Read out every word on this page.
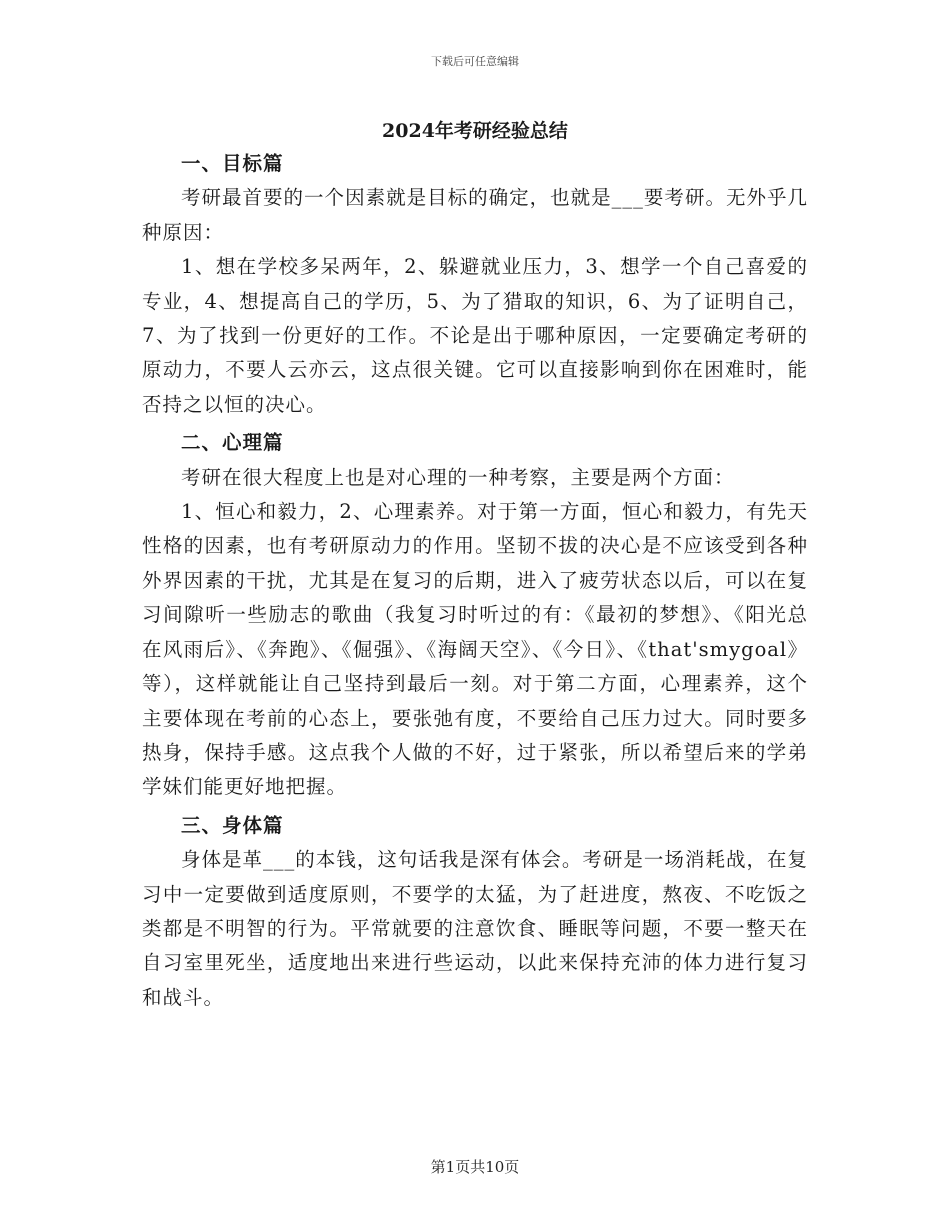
下载后可任意编辑
2024年考研经验总结
一、目标篇

考研最首要的一个因素就是目标的确定，也就是___要考研。无外乎几种原因：

1、想在学校多呆两年，2、躲避就业压力，3、想学一个自己喜爱的专业，4、想提高自己的学历，5、为了猎取的知识，6、为了证明自己，7、为了找到一份更好的工作。不论是出于哪种原因，一定要确定考研的原动力，不要人云亦云，这点很关键。它可以直接影响到你在困难时，能否持之以恒的决心。

二、心理篇

考研在很大程度上也是对心理的一种考察，主要是两个方面：

1、恒心和毅力，2、心理素养。对于第一方面，恒心和毅力，有先天性格的因素，也有考研原动力的作用。坚韧不拔的决心是不应该受到各种外界因素的干扰，尤其是在复习的后期，进入了疲劳状态以后，可以在复习间隙听一些励志的歌曲（我复习时听过的有：《最初的梦想》、《阳光总在风雨后》、《奔跑》、《倔强》、《海阔天空》、《今日》、《that'smygoal》等），这样就能让自己坚持到最后一刻。对于第二方面，心理素养，这个主要体现在考前的心态上，要张弛有度，不要给自己压力过大。同时要多热身，保持手感。这点我个人做的不好，过于紧张，所以希望后来的学弟学妹们能更好地把握。

三、身体篇

身体是革___的本钱，这句话我是深有体会。考研是一场消耗战，在复习中一定要做到适度原则，不要学的太猛，为了赶进度，熬夜、不吃饭之类都是不明智的行为。平常就要的注意饮食、睡眠等问题，不要一整天在自习室里死坐，适度地出来进行些运动，以此来保持充沛的体力进行复习和战斗。

第1页共10页
